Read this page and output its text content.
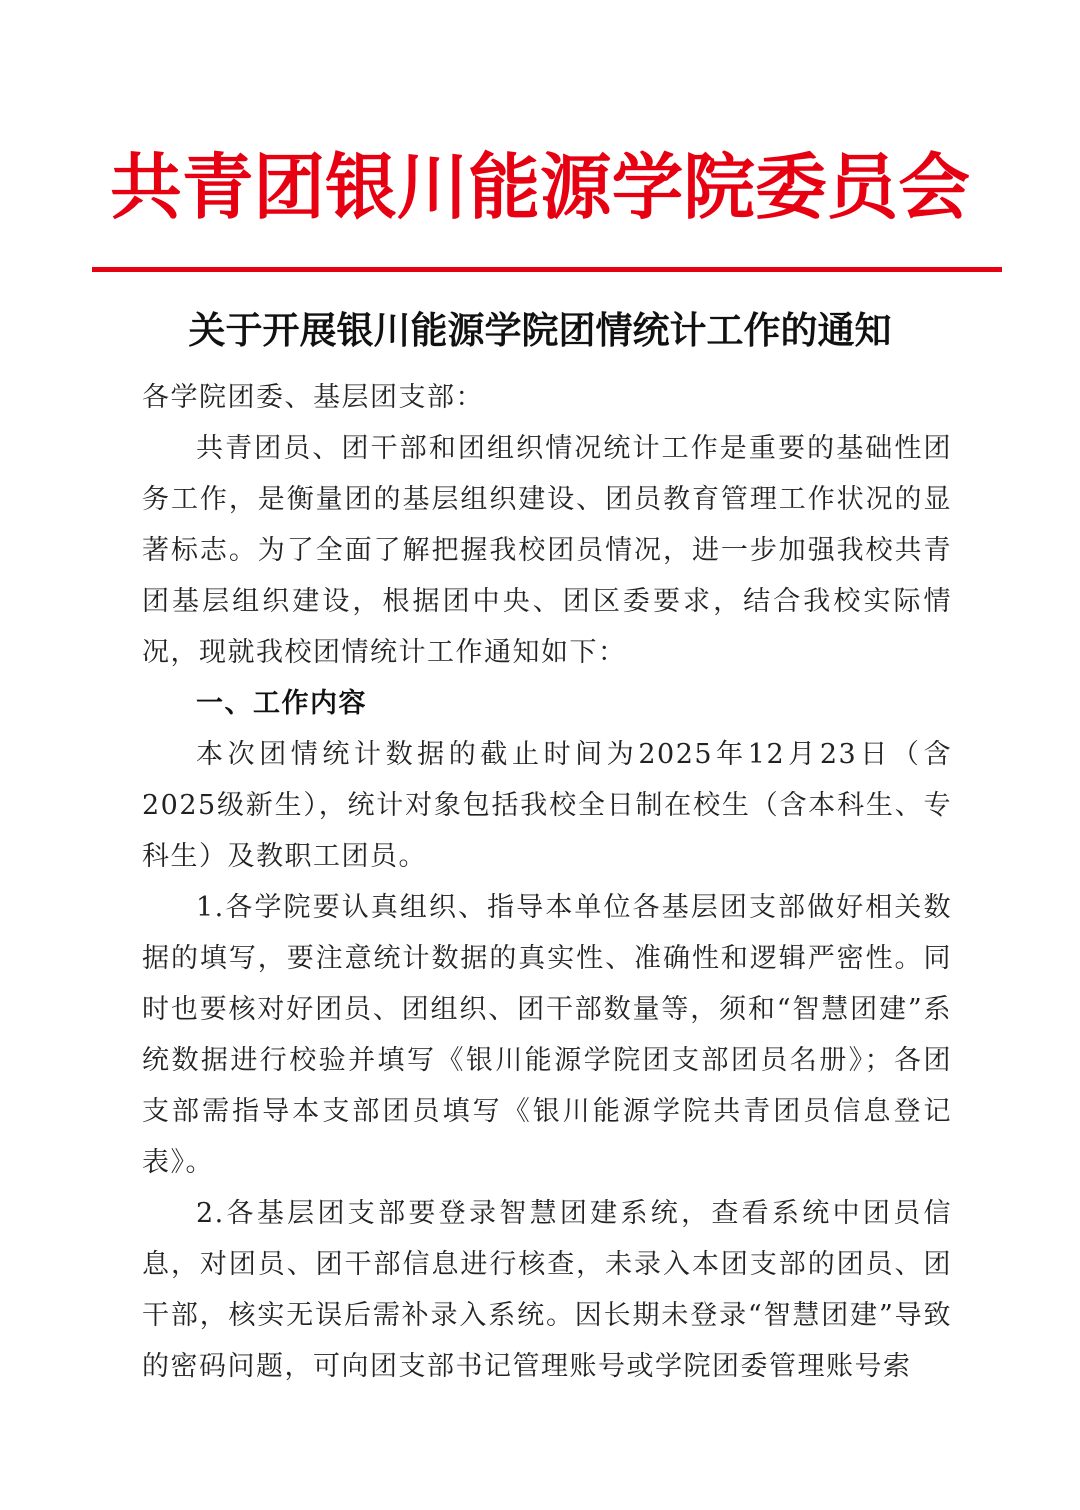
共青团银川能源学院委员会
关于开展银川能源学院团情统计工作的通知

各学院团委、基层团支部：

共青团员、团干部和团组织情况统计工作是重要的基础性团务工作，是衡量团的基层组织建设、团员教育管理工作状况的显著标志。为了全面了解把握我校团员情况，进一步加强我校共青团基层组织建设，根据团中央、团区委要求，结合我校实际情况，现就我校团情统计工作通知如下：

一、工作内容

本次团情统计数据的截止时间为2025年12月23日（含2025级新生），统计对象包括我校全日制在校生（含本科生、专科生）及教职工团员。

1.各学院要认真组织、指导本单位各基层团支部做好相关数据的填写，要注意统计数据的真实性、准确性和逻辑严密性。同时也要核对好团员、团组织、团干部数量等，须和“智慧团建”系统数据进行校验并填写《银川能源学院团支部团员名册》；各团支部需指导本支部团员填写《银川能源学院共青团员信息登记表》。

2.各基层团支部要登录智慧团建系统，查看系统中团员信息，对团员、团干部信息进行核查，未录入本团支部的团员、团干部，核实无误后需补录入系统。因长期未登录“智慧团建”导致的密码问题，可向团支部书记管理账号或学院团委管理账号索
